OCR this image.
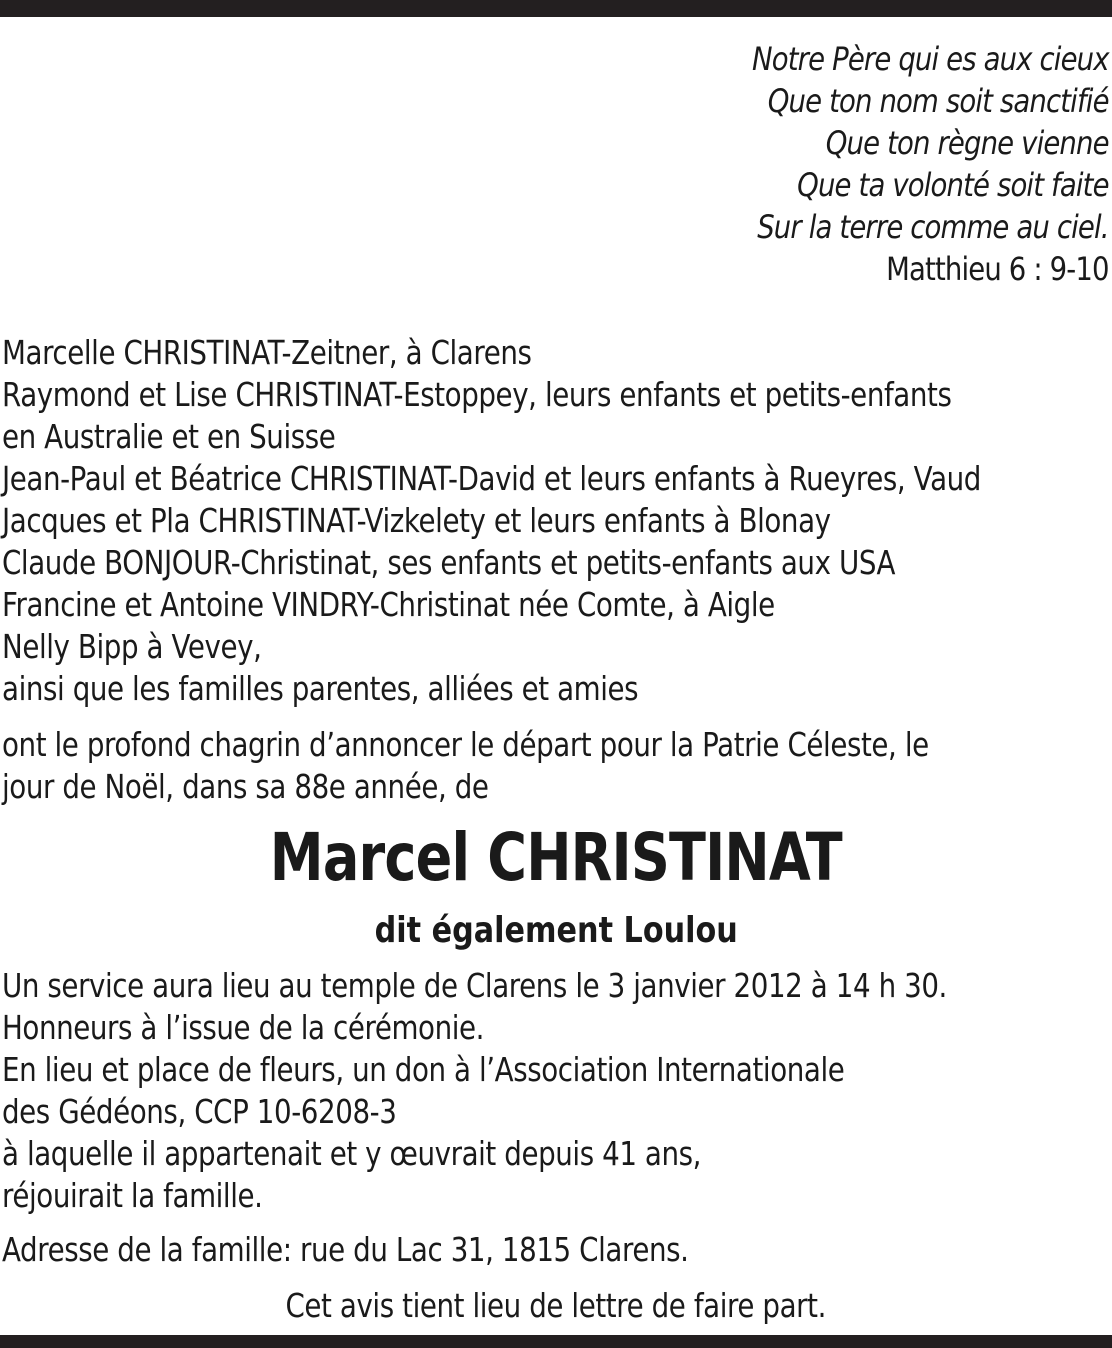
Notre Père qui es aux cieux
Que ton nom soit sanctifié
Que ton règne vienne
Que ta volonté soit faite
Sur la terre comme au ciel.
Matthieu 6 : 9-10
Marcelle CHRISTINAT-Zeitner, à Clarens
Raymond et Lise CHRISTINAT-Estoppey, leurs enfants et petits-enfants
en Australie et en Suisse
Jean-Paul et Béatrice CHRISTINAT-David et leurs enfants à Rueyres, Vaud
Jacques et Pla CHRISTINAT-Vizkelety et leurs enfants à Blonay
Claude BONJOUR-Christinat, ses enfants et petits-enfants aux USA
Francine et Antoine VINDRY-Christinat née Comte, à Aigle
Nelly Bipp à Vevey,
ainsi que les familles parentes, alliées et amies
ont le profond chagrin d’annoncer le départ pour la Patrie Céleste, le
jour de Noël, dans sa 88e année, de
Marcel CHRISTINAT
dit également Loulou
Un service aura lieu au temple de Clarens le 3 janvier 2012 à 14 h 30.
Honneurs à l’issue de la cérémonie.
En lieu et place de fleurs, un don à l’Association Internationale
des Gédéons, CCP 10-6208-3
à laquelle il appartenait et y œuvrait depuis 41 ans,
réjouirait la famille.
Adresse de la famille: rue du Lac 31, 1815 Clarens.
Cet avis tient lieu de lettre de faire part.
